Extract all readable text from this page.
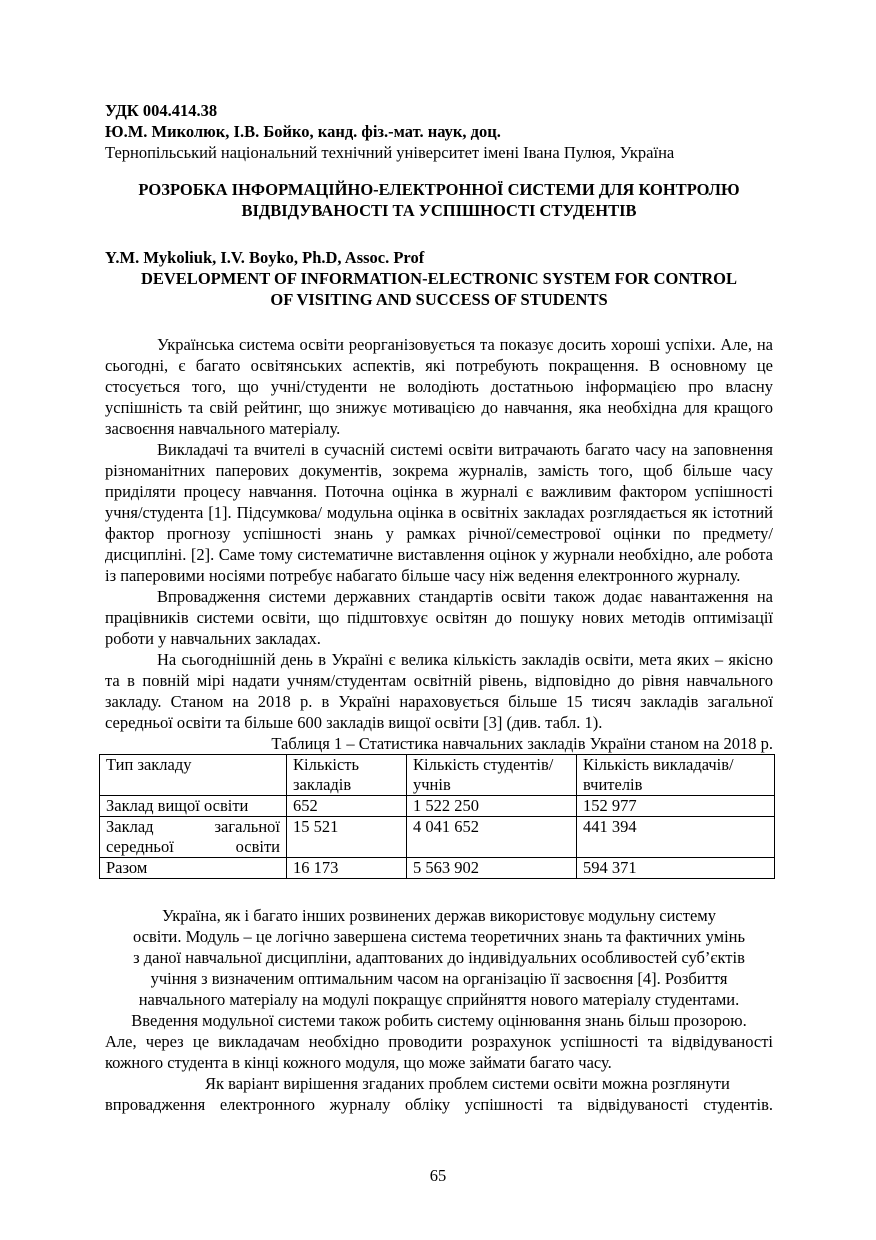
УДК 004.414.38

Ю.М. Миколюк, І.В. Бойко, канд. фіз.-мат. наук, доц.

Тернопільський національний технічний університет імені Івана Пулюя, Україна

РОЗРОБКА ІНФОРМАЦІЙНО-ЕЛЕКТРОННОЇ СИСТЕМИ ДЛЯ КОНТРОЛЮ
ВІДВІДУВАНОСТІ ТА УСПІШНОСТІ СТУДЕНТІВ

Y.M. Mykoliuk, I.V. Boyko, Ph.D, Assoc. Prof

DEVELOPMENT OF INFORMATION-ELECTRONIC SYSTEM FOR CONTROL
OF VISITING AND SUCCESS OF STUDENTS

Українська система освіти реорганізовується та показує досить хороші успіхи. Але, на сьогодні, є багато освітянських аспектів, які потребують покращення. В основному це стосується того, що учні/студенти не володіють достатньою інформацією про власну успішність та свій рейтинг, що знижує мотивацією до навчання, яка необхідна для кращого засвоєння навчального матеріалу.

Викладачі та вчителі в сучасній системі освіти витрачають багато часу на заповнення різноманітних паперових документів, зокрема журналів, замість того, щоб більше часу приділяти процесу навчання. Поточна оцінка в журналі є важливим фактором успішності учня/студента [1]. Підсумкова/ модульна оцінка в освітніх закладах розглядається як істотний фактор прогнозу успішності знань у рамках річної/семестрової оцінки по предмету/дисципліні. [2]. Саме тому систематичне виставлення оцінок у журнали необхідно, але робота із паперовими носіями потребує набагато більше часу ніж ведення електронного журналу.

Впровадження системи державних стандартів освіти також додає навантаження на працівників системи освіти, що підштовхує освітян до пошуку нових методів оптимізації роботи у навчальних закладах.

На сьогоднішній день в Україні є велика кількість закладів освіти, мета яких – якісно та в повній мірі надати учням/студентам освітній рівень, відповідно до рівня навчального закладу. Станом на 2018 р. в Україні нараховується більше 15 тисяч закладів загальної середньої освіти та більше 600 закладів вищої освіти [3] (див. табл. 1).

Таблиця 1 – Статистика навчальних закладів України станом на 2018 р.

Тип закладу	Кількість закладів	Кількість студентів/учнів	Кількість викладачів/вчителів
Заклад вищої освіти	652	1 522 250	152 977
Заклад загальної середньої освіти	15 521	4 041 652	441 394
Разом	16 173	5 563 902	594 371

Україна, як і багато інших розвинених держав використовує модульну систему

освіти. Модуль – це логічно завершена система теоретичних знань та фактичних умінь

з даної навчальної дисципліни, адаптованих до індивідуальних особливостей суб’єктів

учіння з визначеним оптимальним часом на організацію її засвоєння [4]. Розбиття

навчального матеріалу на модулі покращує сприйняття нового матеріалу студентами.

Введення модульної системи також робить систему оцінювання знань більш прозорою.

Але, через це викладачам необхідно проводити розрахунок успішності та відвідуваності кожного студента в кінці кожного модуля, що може займати багато часу.

Як варіант вирішення згаданих проблем системи освіти можна розглянути

впровадження електронного журналу обліку успішності та відвідуваності студентів.

65
